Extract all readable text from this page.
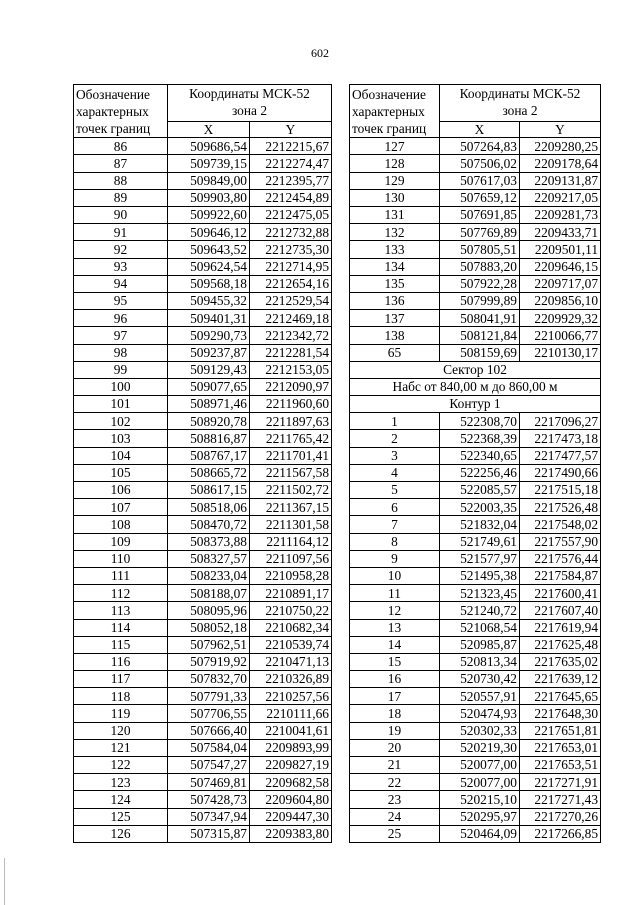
602
Обозначение
характерных
точек границ	Координаты МСК-52
зона 2	
	X	Y
86	509686,54	2212215,67
87	509739,15	2212274,47
88	509849,00	2212395,77
89	509903,80	2212454,89
90	509922,60	2212475,05
91	509646,12	2212732,88
92	509643,52	2212735,30
93	509624,54	2212714,95
94	509568,18	2212654,16
95	509455,32	2212529,54
96	509401,31	2212469,18
97	509290,73	2212342,72
98	509237,87	2212281,54
99	509129,43	2212153,05
100	509077,65	2212090,97
101	508971,46	2211960,60
102	508920,78	2211897,63
103	508816,87	2211765,42
104	508767,17	2211701,41
105	508665,72	2211567,58
106	508617,15	2211502,72
107	508518,06	2211367,15
108	508470,72	2211301,58
109	508373,88	2211164,12
110	508327,57	2211097,56
111	508233,04	2210958,28
112	508188,07	2210891,17
113	508095,96	2210750,22
114	508052,18	2210682,34
115	507962,51	2210539,74
116	507919,92	2210471,13
117	507832,70	2210326,89
118	507791,33	2210257,56
119	507706,55	2210111,66
120	507666,40	2210041,61
121	507584,04	2209893,99
122	507547,27	2209827,19
123	507469,81	2209682,58
124	507428,73	2209604,80
125	507347,94	2209447,30
126	507315,87	2209383,80
Обозначение
характерных
точек границ	Координаты МСК-52
зона 2	
	X	Y
127	507264,83	2209280,25
128	507506,02	2209178,64
129	507617,03	2209131,87
130	507659,12	2209217,05
131	507691,85	2209281,73
132	507769,89	2209433,71
133	507805,51	2209501,11
134	507883,20	2209646,15
135	507922,28	2209717,07
136	507999,89	2209856,10
137	508041,91	2209929,32
138	508121,84	2210066,77
65	508159,69	2210130,17
Сектор 102		
Набс от 840,00 м до 860,00 м		
Контур 1		
1	522308,70	2217096,27
2	522368,39	2217473,18
3	522340,65	2217477,57
4	522256,46	2217490,66
5	522085,57	2217515,18
6	522003,35	2217526,48
7	521832,04	2217548,02
8	521749,61	2217557,90
9	521577,97	2217576,44
10	521495,38	2217584,87
11	521323,45	2217600,41
12	521240,72	2217607,40
13	521068,54	2217619,94
14	520985,87	2217625,48
15	520813,34	2217635,02
16	520730,42	2217639,12
17	520557,91	2217645,65
18	520474,93	2217648,30
19	520302,33	2217651,81
20	520219,30	2217653,01
21	520077,00	2217653,51
22	520077,00	2217271,91
23	520215,10	2217271,43
24	520295,97	2217270,26
25	520464,09	2217266,85
